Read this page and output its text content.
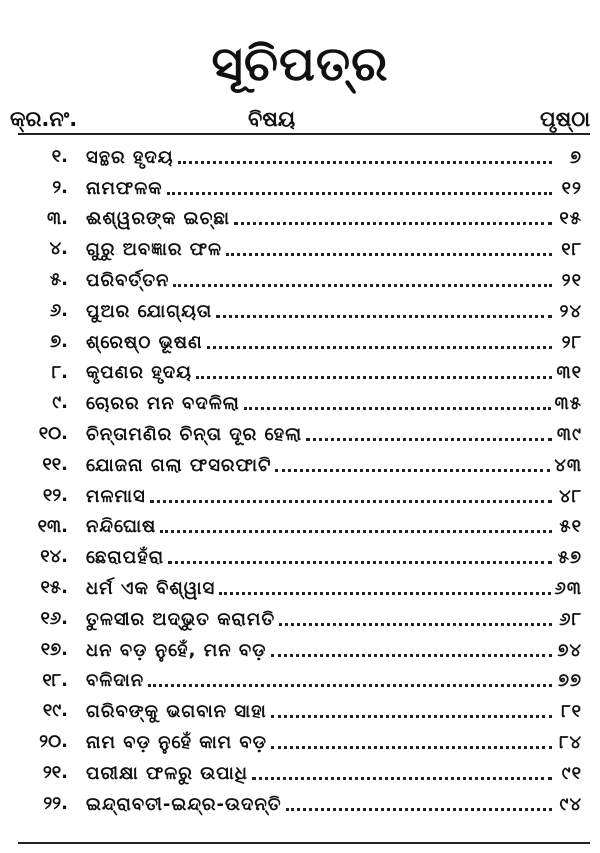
ସୂଚିପତ୍ର
କ୍ର.ନଂ.	ବିଷୟ	ପୃଷ୍ଠା
୧. ସନ୍ଥର ହୃଦୟ	୭
୨. ନାମଫଳକ	୧୨
୩. ଈଶ୍ୱରଙ୍କ ଇଚ୍ଛା	୧୫
୪. ଗୁରୁ ଅବଜ୍ଞାର ଫଳ	୧୮
୫. ପରିବର୍ତ୍ତନ	୨୧
୬. ପୁଅର ଯୋଗ୍ୟତା	୨୪
୭. ଶ୍ରେଷ୍ଠ ଭୂଷଣ	୨୮
୮. କୃପଣର ହୃଦୟ	୩୧
୯. ଚୋରର ମନ ବଦଳିଲା	୩୫
୧୦. ଚିନ୍ତାମଣିର ଚିନ୍ତା ଦୂର ହେଲା	୩୯
୧୧. ଯୋଜନା ଗଲା ଫସରଫାଟି	୪୩
୧୨. ମଳମାସ	୪୮
୧୩. ନନ୍ଦିଘୋଷ	୫୧
୧୪. ଛେରାପହଁରା	୫୭
୧୫. ଧର୍ମ ଏକ ବିଶ୍ୱାସ	୬୩
୧୬. ତୁଳସୀର ଅଦ୍ଭୁତ କରାମତି	୬୮
୧୭. ଧନ ବଡ଼ ନୁହେଁ, ମନ ବଡ଼	୭୪
୧୮. ବଳିଦାନ	୭୭
୧୯. ଗରିବଙ୍କୁ ଭଗବାନ ସାହା	୮୧
୨୦. ନାମ ବଡ଼ ନୁହେଁ କାମ ବଡ଼	୮୪
୨୧. ପରୀକ୍ଷା ଫଳରୁ ଉପାଧି	୯୧
୨୨. ଇନ୍ଦ୍ରାବତୀ-ଇନ୍ଦ୍ର-ଉଦନ୍ତି	୯୪
